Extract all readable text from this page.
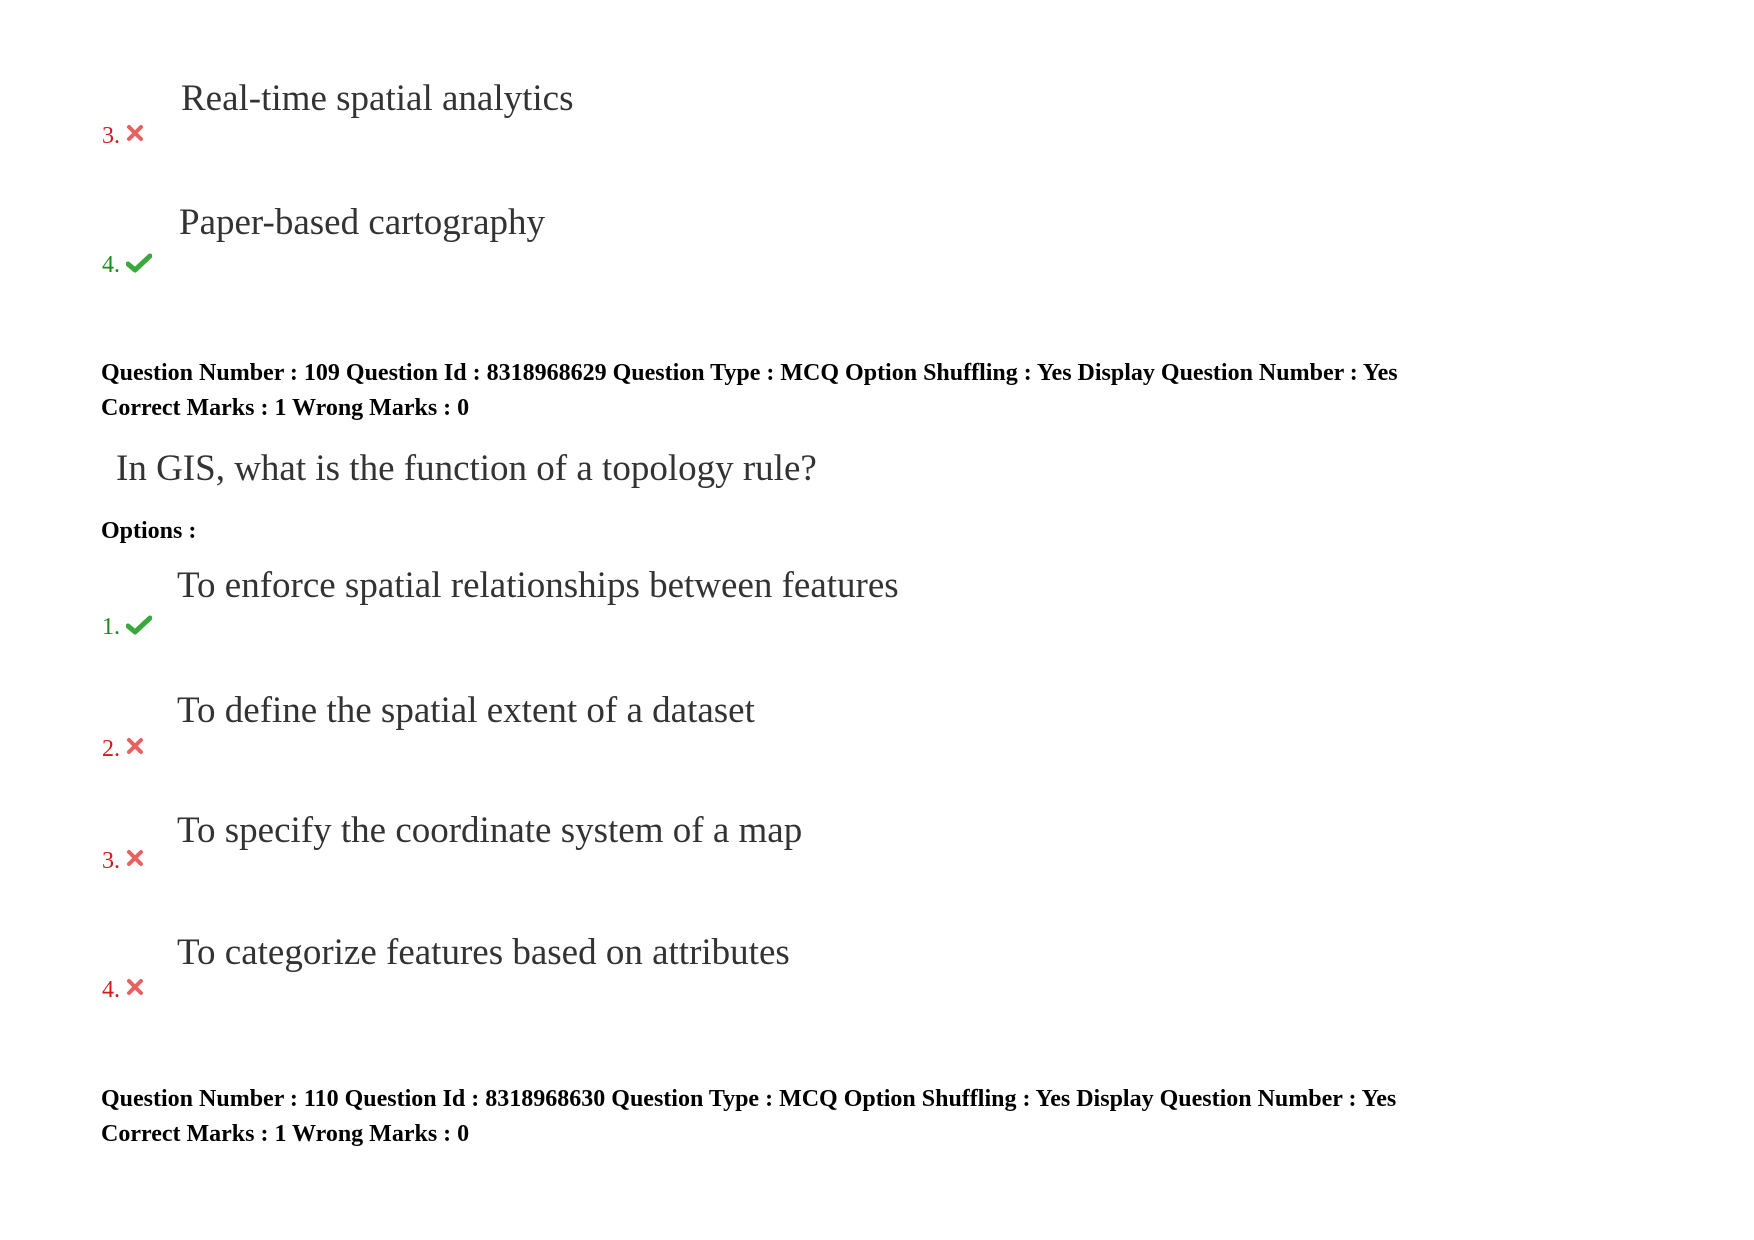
Real-time spatial analytics
3.
Paper-based cartography
4.
Question Number : 109 Question Id : 8318968629 Question Type : MCQ Option Shuffling : Yes Display Question Number : Yes
Correct Marks : 1 Wrong Marks : 0
In GIS, what is the function of a topology rule?
Options :
To enforce spatial relationships between features
1.
To define the spatial extent of a dataset
2.
To specify the coordinate system of a map
3.
To categorize features based on attributes
4.
Question Number : 110 Question Id : 8318968630 Question Type : MCQ Option Shuffling : Yes Display Question Number : Yes
Correct Marks : 1 Wrong Marks : 0
